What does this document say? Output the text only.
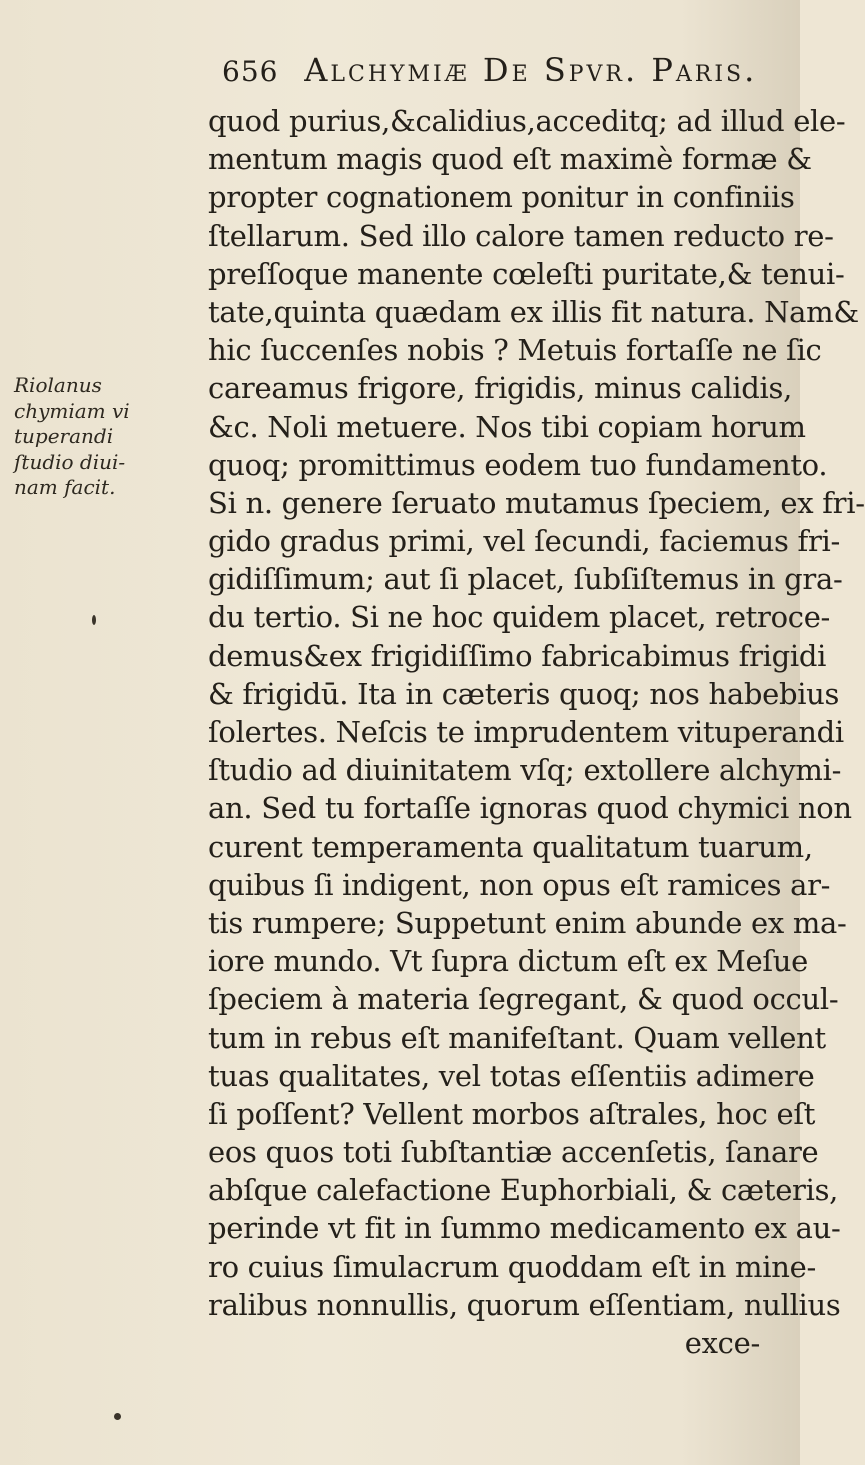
656 Alchymiæ De Spvr. Paris.
Riolanus
chymiam vi
tuperandi
ſtudio diui-
nam facit.
quod purius,&calidius,acceditq; ad illud ele-
mentum magis quod eſt maximè formæ &
propter cognationem ponitur in confiniis
ſtellarum. Sed illo calore tamen reducto re-
preſſoque manente cœleſti puritate,& tenui-
tate,quinta quædam ex illis fit natura. Nam&
hic ſuccenſes nobis ? Metuis fortaſſe ne ſic
careamus frigore, frigidis, minus calidis,
&c. Noli metuere. Nos tibi copiam horum
quoq; promittimus eodem tuo fundamento.
Si n. genere ſeruato mutamus ſpeciem, ex fri-
gido gradus primi, vel ſecundi, faciemus fri-
gidiſſimum; aut ſi placet, ſubſiſtemus in gra-
du tertio. Si ne hoc quidem placet, retroce-
demus&ex frigidiſſimo fabricabimus frigidi
& frigidū. Ita in cæteris quoq; nos habebius
ſolertes. Neſcis te imprudentem vituperandi
ſtudio ad diuinitatem vſq; extollere alchymi-
an. Sed tu fortaſſe ignoras quod chymici non
curent temperamenta qualitatum tuarum,
quibus ſi indigent, non opus eſt ramices ar-
tis rumpere; Suppetunt enim abunde ex ma-
iore mundo. Vt ſupra dictum eſt ex Meſue
ſpeciem à materia ſegregant, & quod occul-
tum in rebus eſt manifeſtant. Quam vellent
tuas qualitates, vel totas eſſentiis adimere
ſi poſſent? Vellent morbos aſtrales, hoc eſt
eos quos toti ſubſtantiæ accenſetis, ſanare
abſque calefactione Euphorbiali, & cæteris,
perinde vt fit in ſummo medicamento ex au-
ro cuius ſimulacrum quoddam eſt in mine-
ralibus nonnullis, quorum eſſentiam, nullius
exce-
